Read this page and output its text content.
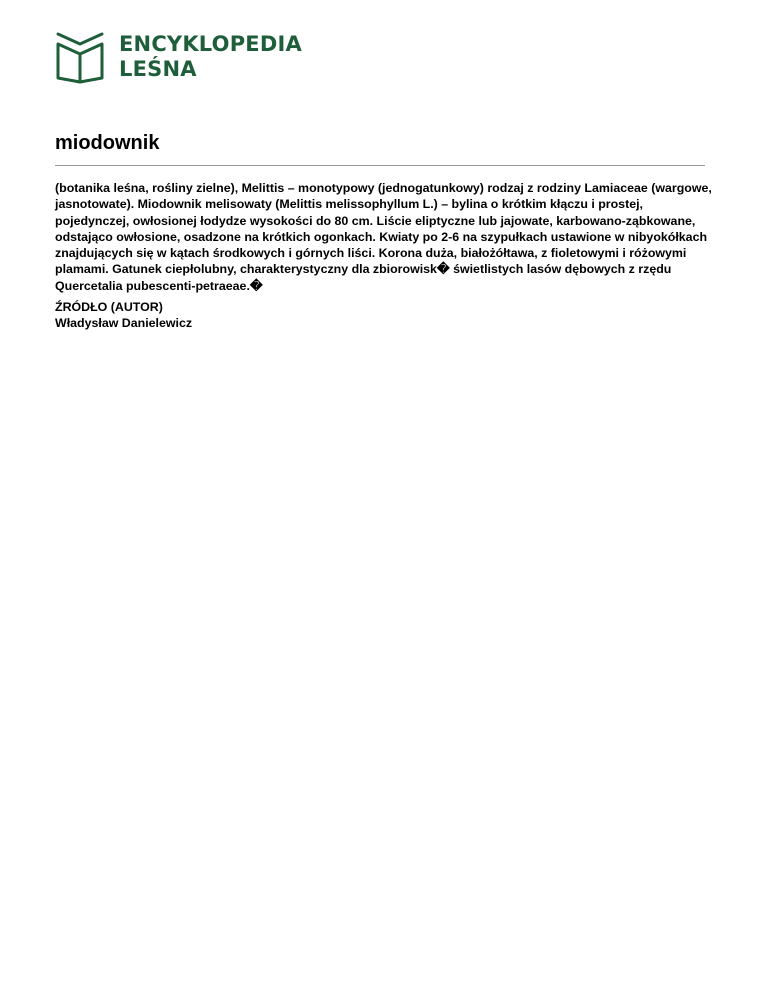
ENCYKLOPEDIA
LEŚNA
miodownik

(botanika leśna, rośliny zielne), Melittis – monotypowy (jednogatunkowy) rodzaj z rodziny Lamiaceae (wargowe, jasnotowate). Miodownik melisowaty (Melittis melissophyllum L.) – bylina o krótkim kłączu i prostej, pojedynczej, owłosionej łodydze wysokości do 80 cm. Liście eliptyczne lub jajowate, karbowano-ząbkowane, odstająco owłosione, osadzone na krótkich ogonkach. Kwiaty po 2-6 na szypułkach ustawione w nibyokółkach znajdujących się w kątach środkowych i górnych liści. Korona duża, białożółtawa, z fioletowymi i różowymi plamami. Gatunek ciepłolubny, charakterystyczny dla zbiorowisk� świetlistych lasów dębowych z rzędu Quercetalia pubescenti-petraeae.�

ŹRÓDŁO (AUTOR)

Władysław Danielewicz
